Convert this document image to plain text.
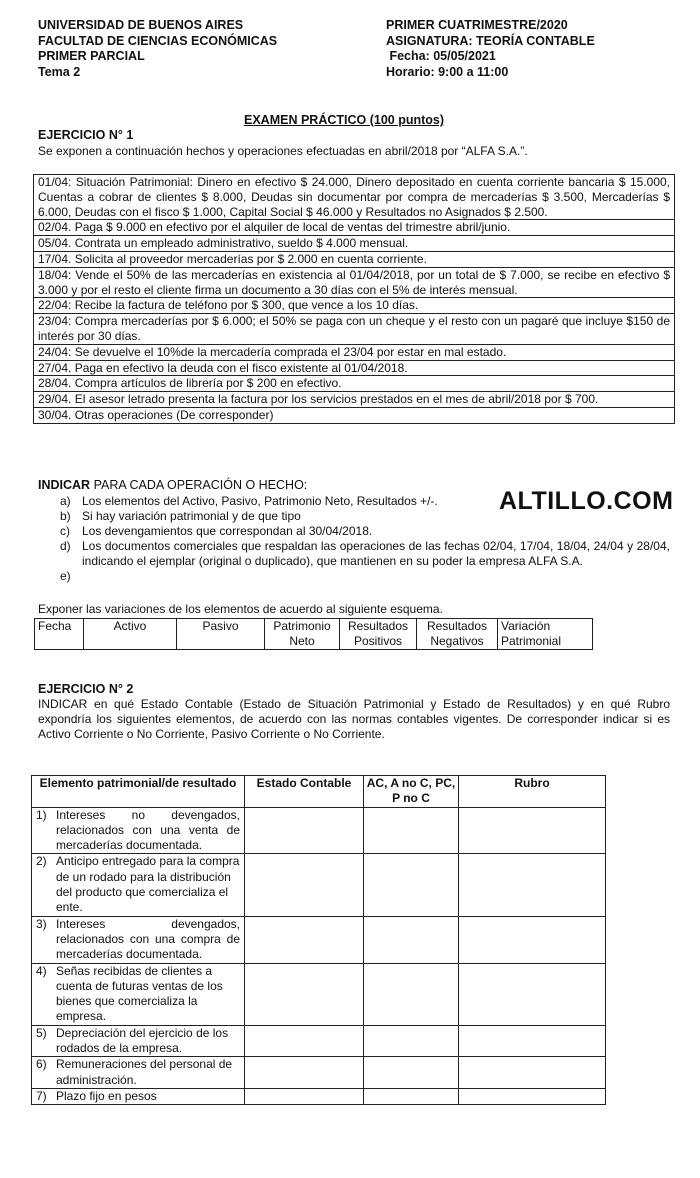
UNIVERSIDAD DE BUENOS AIRES
FACULTAD DE CIENCIAS ECONÓMICAS
PRIMER PARCIAL
Tema 2
PRIMER CUATRIMESTRE/2020
ASIGNATURA: TEORÍA CONTABLE
Fecha: 05/05/2021
Horario: 9:00 a 11:00
EXAMEN PRÁCTICO (100 puntos)
EJERCICIO N° 1
Se exponen a continuación hechos y operaciones efectuadas en abril/2018 por “ALFA S.A.”.
01/04: Situación Patrimonial: Dinero en efectivo $ 24.000, Dinero depositado en cuenta corriente bancaria $ 15.000, Cuentas a cobrar de clientes $ 8.000, Deudas sin documentar por compra de mercaderías $ 3.500, Mercaderías $ 6.000, Deudas con el fisco $ 1.000, Capital Social $ 46.000 y Resultados no Asignados $ 2.500.
02/04. Paga $ 9.000 en efectivo por el alquiler de local de ventas del trimestre abril/junio.
05/04. Contrata un empleado administrativo, sueldo $ 4.000 mensual.
17/04. Solicita al proveedor mercaderías por $ 2.000 en cuenta corriente.
18/04: Vende el 50% de las mercaderías en existencia al 01/04/2018, por un total de $ 7.000, se recibe en efectivo $ 3.000 y por el resto el cliente firma un documento a 30 días con el 5% de interés mensual.
22/04: Recibe la factura de teléfono por $ 300, que vence a los 10 días.
23/04: Compra mercaderías por $ 6.000; el 50% se paga con un cheque y el resto con un pagaré que incluye $150 de interés por 30 días.
24/04: Se devuelve el 10%de la mercadería comprada el 23/04 por estar en mal estado.
27/04. Paga en efectivo la deuda con el fisco existente al 01/04/2018.
28/04. Compra artículos de librería por $ 200 en efectivo.
29/04. El asesor letrado presenta la factura por los servicios prestados en el mes de abril/2018 por $ 700.
30/04. Otras operaciones (De corresponder)
INDICAR PARA CADA OPERACIÓN O HECHO:
a) Los elementos del Activo, Pasivo, Patrimonio Neto, Resultados +/-.
b) Si hay variación patrimonial y de que tipo
c)	Los devengamientos que correspondan al 30/04/2018.
d) Los documentos comerciales que respaldan las operaciones de las fechas 02/04, 17/04, 18/04, 24/04 y 28/04, indicando el ejemplar (original o duplicado), que mantienen en su poder la empresa ALFA S.A.
e)
ALTILLO.COM
Exponer las variaciones de los elementos de acuerdo al siguiente esquema.
Fecha	Activo	Pasivo	Patrimonio	Resultados	Resultados	Variación
			Neto	Positivos	Negativos	Patrimonial
EJERCICIO N° 2
INDICAR en qué Estado Contable (Estado de Situación Patrimonial y Estado de Resultados) y en qué Rubro expondría los siguientes elementos, de acuerdo con las normas contables vigentes. De corresponder indicar si es Activo Corriente o No Corriente, Pasivo Corriente o No Corriente.
Elemento patrimonial/de resultado	Estado Contable	AC, A no C, PC, P no C	Rubro

1) Intereses no devengados, relacionados con una venta de mercaderías documentada.			

2) Anticipo entregado para la compra de un rodado para la distribución del producto que comercializa el ente.			

3) Intereses devengados, relacionados con una compra de mercaderías documentada.			

4) Señas recibidas de clientes a cuenta de futuras ventas de los bienes que comercializa la empresa.			

5) Depreciación del ejercicio de los rodados de la empresa.			

6) Remuneraciones del personal de administración.			

7) Plazo fijo en pesos			
